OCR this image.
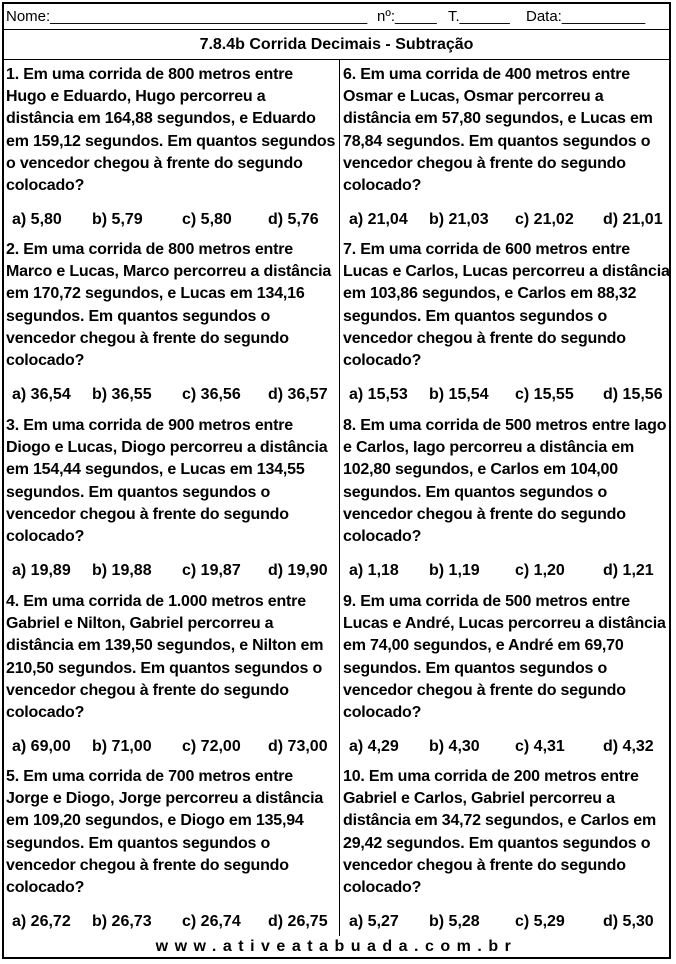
Nome:______________________________________ nº:_____ T.______ Data:__________
7.8.4b Corrida Decimais - Subtração
1. Em uma corrida de 800 metros entre Hugo e Eduardo, Hugo percorreu a distância em 164,88 segundos, e Eduardo em 159,12 segundos. Em quantos segundos o vencedor chegou à frente do segundo colocado?
a) 5,80 b) 5,79 c) 5,80 d) 5,76
2. Em uma corrida de 800 metros entre Marco e Lucas, Marco percorreu a distância em 170,72 segundos, e Lucas em 134,16 segundos. Em quantos segundos o vencedor chegou à frente do segundo colocado?
a) 36,54 b) 36,55 c) 36,56 d) 36,57
3. Em uma corrida de 900 metros entre Diogo e Lucas, Diogo percorreu a distância em 154,44 segundos, e Lucas em 134,55 segundos. Em quantos segundos o vencedor chegou à frente do segundo colocado?
a) 19,89 b) 19,88 c) 19,87 d) 19,90
4. Em uma corrida de 1.000 metros entre Gabriel e Nilton, Gabriel percorreu a distância em 139,50 segundos, e Nilton em 210,50 segundos. Em quantos segundos o vencedor chegou à frente do segundo colocado?
a) 69,00 b) 71,00 c) 72,00 d) 73,00
5. Em uma corrida de 700 metros entre Jorge e Diogo, Jorge percorreu a distância em 109,20 segundos, e Diogo em 135,94 segundos. Em quantos segundos o vencedor chegou à frente do segundo colocado?
a) 26,72 b) 26,73 c) 26,74 d) 26,75
6. Em uma corrida de 400 metros entre Osmar e Lucas, Osmar percorreu a distância em 57,80 segundos, e Lucas em 78,84 segundos. Em quantos segundos o vencedor chegou à frente do segundo colocado?
a) 21,04 b) 21,03 c) 21,02 d) 21,01
7. Em uma corrida de 600 metros entre Lucas e Carlos, Lucas percorreu a distância em 103,86 segundos, e Carlos em 88,32 segundos. Em quantos segundos o vencedor chegou à frente do segundo colocado?
a) 15,53 b) 15,54 c) 15,55 d) 15,56
8. Em uma corrida de 500 metros entre Iago e Carlos, Iago percorreu a distância em 102,80 segundos, e Carlos em 104,00 segundos. Em quantos segundos o vencedor chegou à frente do segundo colocado?
a) 1,18 b) 1,19 c) 1,20 d) 1,21
9. Em uma corrida de 500 metros entre Lucas e André, Lucas percorreu a distância em 74,00 segundos, e André em 69,70 segundos. Em quantos segundos o vencedor chegou à frente do segundo colocado?
a) 4,29 b) 4,30 c) 4,31 d) 4,32
10. Em uma corrida de 200 metros entre Gabriel e Carlos, Gabriel percorreu a distância em 34,72 segundos, e Carlos em 29,42 segundos. Em quantos segundos o vencedor chegou à frente do segundo colocado?
a) 5,27 b) 5,28 c) 5,29 d) 5,30
www.ativeatabuada.com.br
